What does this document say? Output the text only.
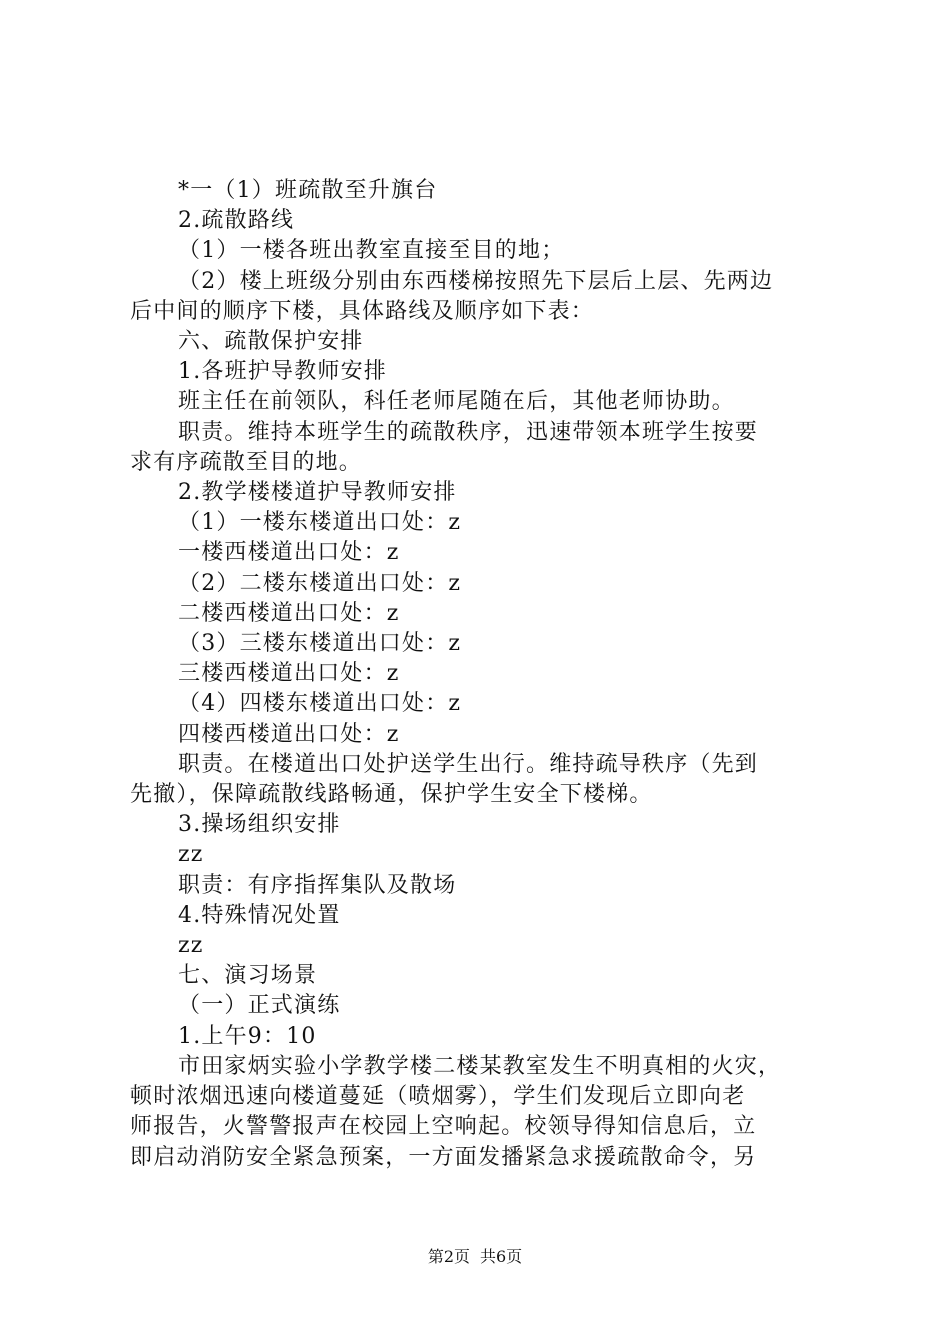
*一（1）班疏散至升旗台

2.疏散路线

（1）一楼各班出教室直接至目的地；

（2）楼上班级分别由东西楼梯按照先下层后上层、先两边

后中间的顺序下楼，具体路线及顺序如下表：

六、疏散保护安排

1.各班护导教师安排

班主任在前领队，科任老师尾随在后，其他老师协助。

职责。维持本班学生的疏散秩序，迅速带领本班学生按要

求有序疏散至目的地。

2.教学楼楼道护导教师安排

（1）一楼东楼道出口处：z

一楼西楼道出口处：z

（2）二楼东楼道出口处：z

二楼西楼道出口处：z

（3）三楼东楼道出口处：z

三楼西楼道出口处：z

（4）四楼东楼道出口处：z

四楼西楼道出口处：z

职责。在楼道出口处护送学生出行。维持疏导秩序（先到

先撤），保障疏散线路畅通，保护学生安全下楼梯。

3.操场组织安排

zz

职责：有序指挥集队及散场

4.特殊情况处置

zz

七、演习场景

（一）正式演练

1.上午9：10

市田家炳实验小学教学楼二楼某教室发生不明真相的火灾，

顿时浓烟迅速向楼道蔓延（喷烟雾），学生们发现后立即向老

师报告，火警警报声在校园上空响起。校领导得知信息后，立

即启动消防安全紧急预案，一方面发播紧急求援疏散命令，另

第2页 共6页
